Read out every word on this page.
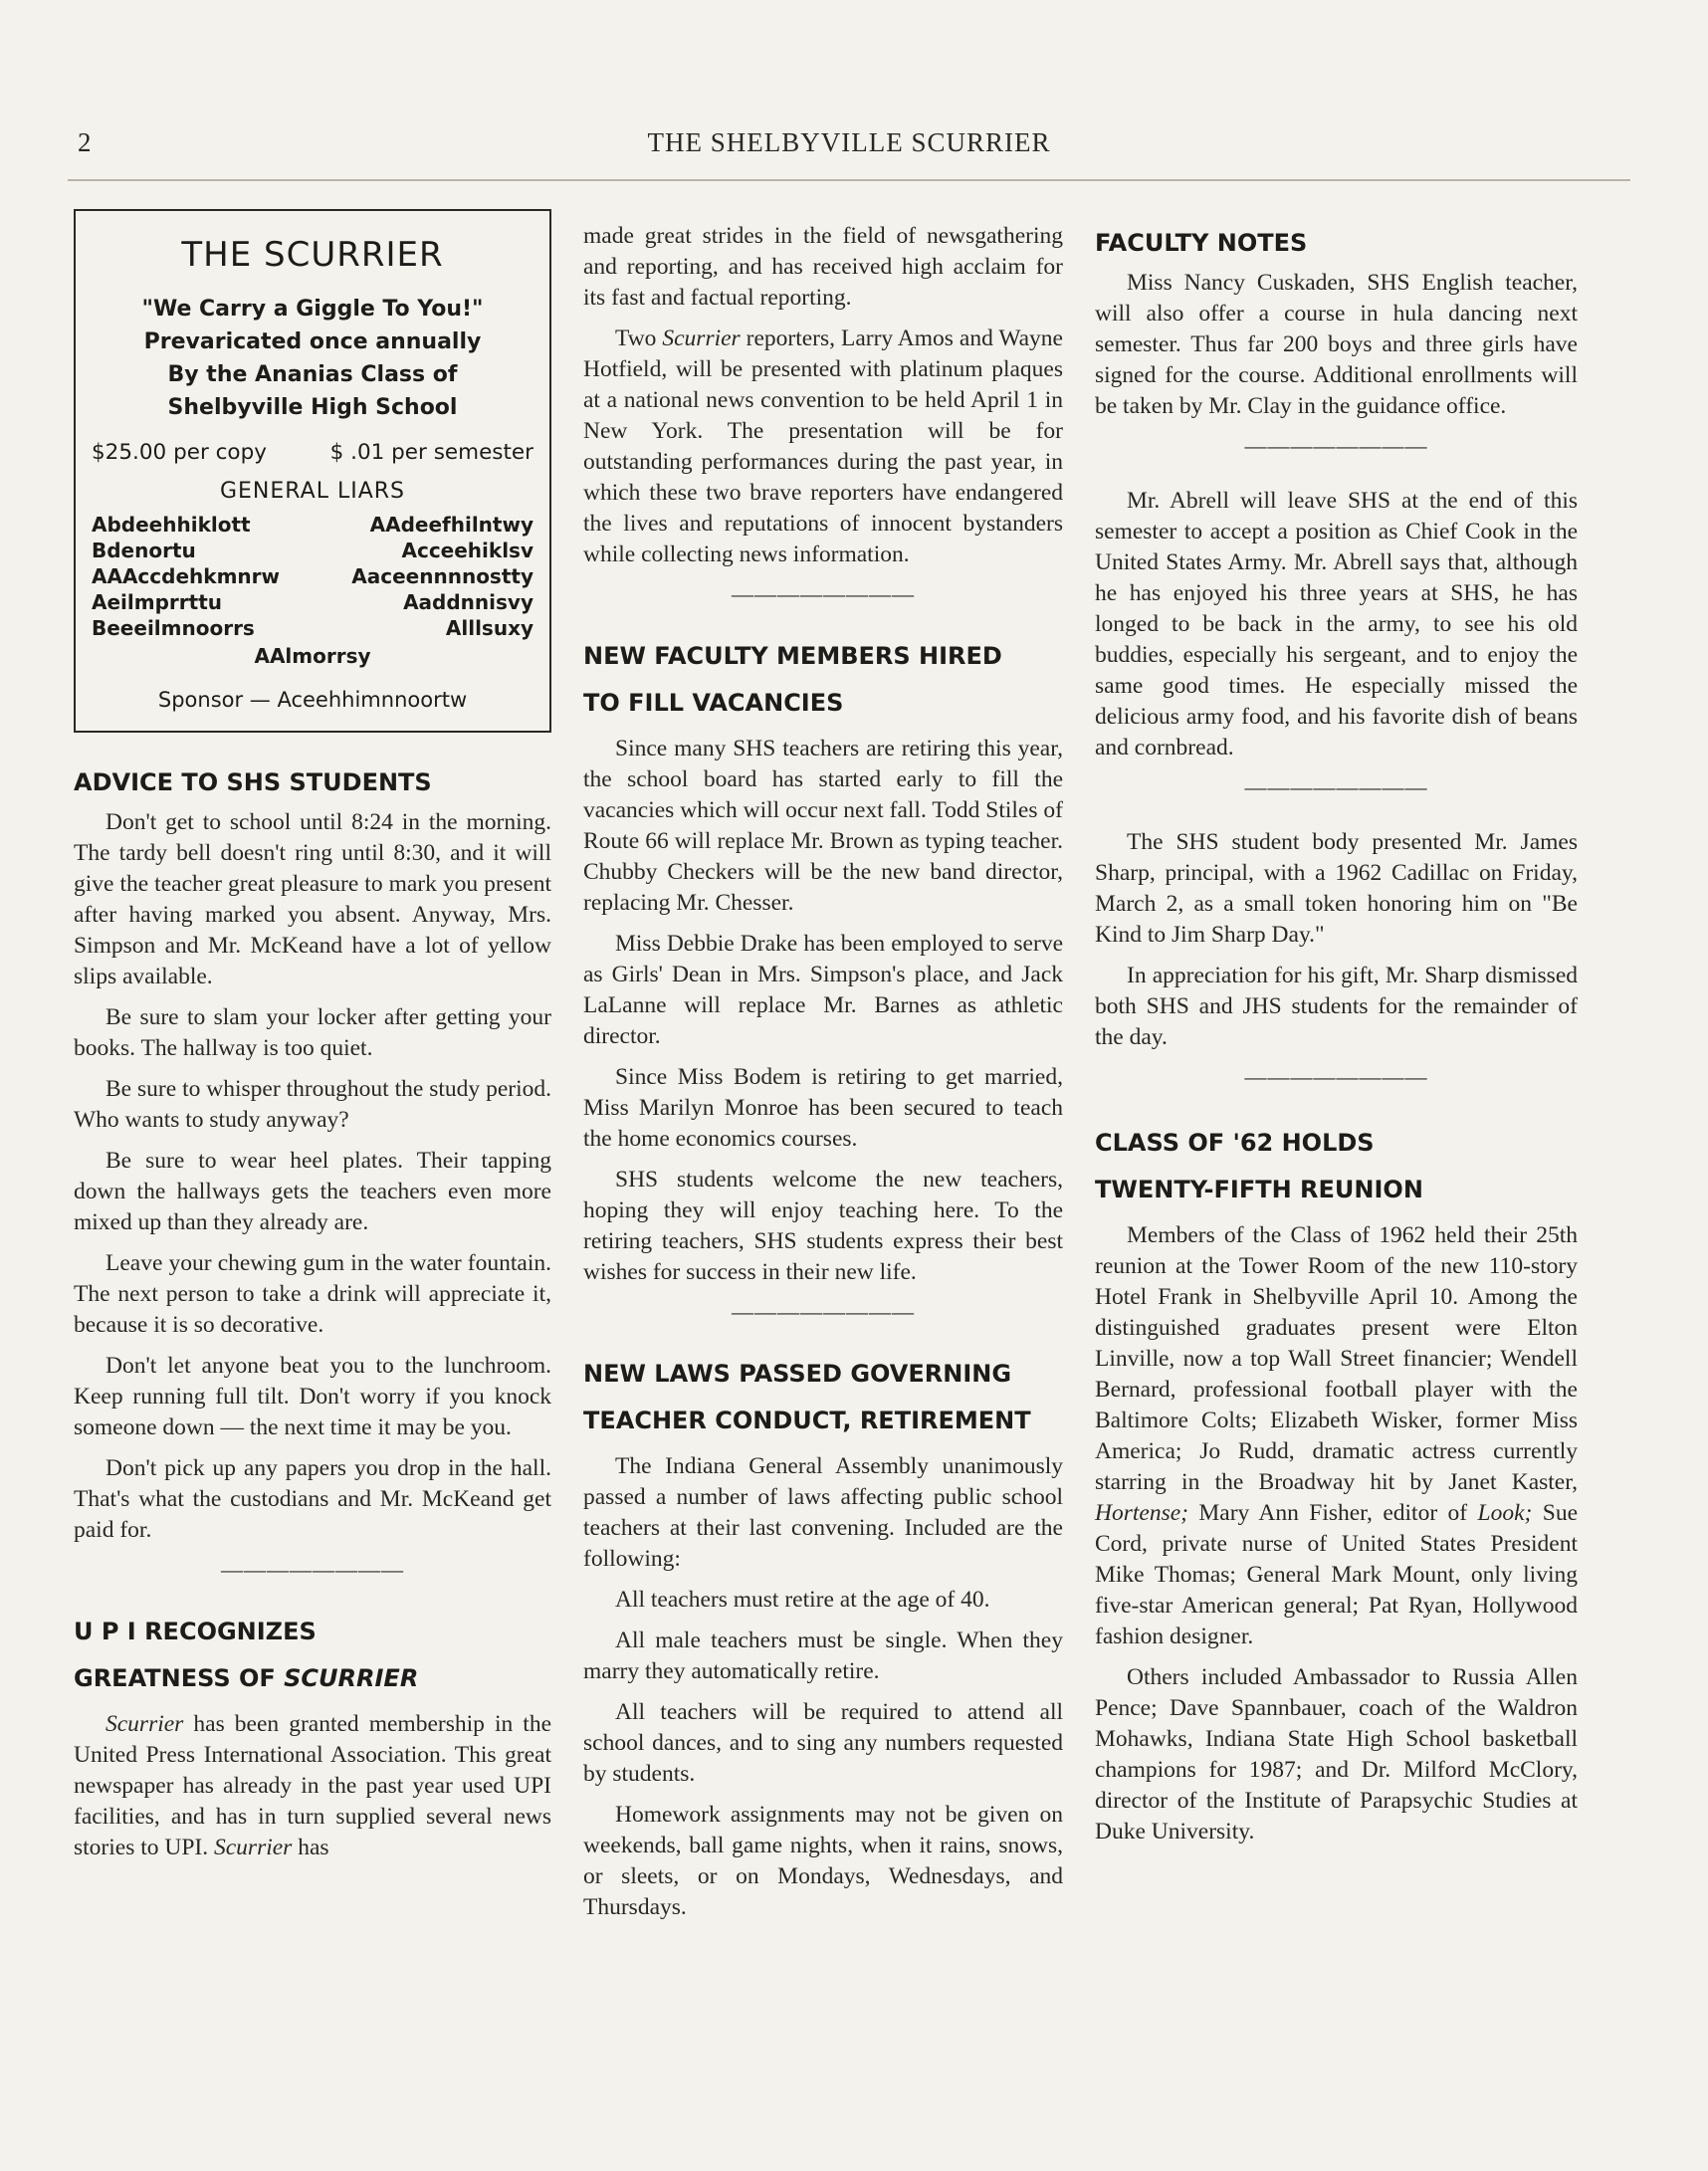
2	THE SHELBYVILLE SCURRIER
THE SCURRIER
"We Carry a Giggle To You!"
Prevaricated once annually
By the Ananias Class of
Shelbyville High School
$25.00 per copy	$ .01 per semester
GENERAL LIARS
Abdeehhiklott	AAdeefhilntwy
Bdenortu	Acceehiklsv
AAAccdehkmnrw	Aaceennnnostty
Aeilmprrttu	Aaddnnisvy
Beeeilmnoorrs	Alllsuxy
AAlmorrsy
Sponsor — Aceehhimnnoortw
ADVICE TO SHS STUDENTS

Don't get to school until 8:24 in the morning. The tardy bell doesn't ring until 8:30, and it will give the teacher great pleasure to mark you present after having marked you absent. Anyway, Mrs. Simpson and Mr. McKeand have a lot of yellow slips available.

Be sure to slam your locker after getting your books. The hallway is too quiet.

Be sure to whisper throughout the study period. Who wants to study anyway?

Be sure to wear heel plates. Their tapping down the hallways gets the teachers even more mixed up than they already are.

Leave your chewing gum in the water fountain. The next person to take a drink will appreciate it, because it is so decorative.

Don't let anyone beat you to the lunchroom. Keep running full tilt. Don't worry if you knock someone down — the next time it may be you.

Don't pick up any papers you drop in the hall. That's what the custodians and Mr. McKeand get paid for.

————————
U P I RECOGNIZES
GREATNESS OF SCURRIER

Scurrier has been granted membership in the United Press International Association. This great newspaper has already in the past year used UPI facilities, and has in turn supplied several news stories to UPI. Scurrier has

made great strides in the field of newsgathering and reporting, and has received high acclaim for its fast and factual reporting.

Two Scurrier reporters, Larry Amos and Wayne Hotfield, will be presented with platinum plaques at a national news convention to be held April 1 in New York. The presentation will be for outstanding performances during the past year, in which these two brave reporters have endangered the lives and reputations of innocent bystanders while collecting news information.

————————
NEW FACULTY MEMBERS HIRED
TO FILL VACANCIES

Since many SHS teachers are retiring this year, the school board has started early to fill the vacancies which will occur next fall. Todd Stiles of Route 66 will replace Mr. Brown as typing teacher. Chubby Checkers will be the new band director, replacing Mr. Chesser.

Miss Debbie Drake has been employed to serve as Girls' Dean in Mrs. Simpson's place, and Jack LaLanne will replace Mr. Barnes as athletic director.

Since Miss Bodem is retiring to get married, Miss Marilyn Monroe has been secured to teach the home economics courses.

SHS students welcome the new teachers, hoping they will enjoy teaching here. To the retiring teachers, SHS students express their best wishes for success in their new life.

————————
NEW LAWS PASSED GOVERNING
TEACHER CONDUCT, RETIREMENT

The Indiana General Assembly unanimously passed a number of laws affecting public school teachers at their last convening. Included are the following:

All teachers must retire at the age of 40.

All male teachers must be single. When they marry they automatically retire.

All teachers will be required to attend all school dances, and to sing any numbers requested by students.

Homework assignments may not be given on weekends, ball game nights, when it rains, snows, or sleets, or on Mondays, Wednesdays, and Thursdays.

FACULTY NOTES

Miss Nancy Cuskaden, SHS English teacher, will also offer a course in hula dancing next semester. Thus far 200 boys and three girls have signed for the course. Additional enrollments will be taken by Mr. Clay in the guidance office.

————————

Mr. Abrell will leave SHS at the end of this semester to accept a position as Chief Cook in the United States Army. Mr. Abrell says that, although he has enjoyed his three years at SHS, he has longed to be back in the army, to see his old buddies, especially his sergeant, and to enjoy the same good times. He especially missed the delicious army food, and his favorite dish of beans and cornbread.

————————

The SHS student body presented Mr. James Sharp, principal, with a 1962 Cadillac on Friday, March 2, as a small token honoring him on "Be Kind to Jim Sharp Day."

In appreciation for his gift, Mr. Sharp dismissed both SHS and JHS students for the remainder of the day.

————————
CLASS OF '62 HOLDS
TWENTY-FIFTH REUNION

Members of the Class of 1962 held their 25th reunion at the Tower Room of the new 110-story Hotel Frank in Shelbyville April 10. Among the distinguished graduates present were Elton Linville, now a top Wall Street financier; Wendell Bernard, professional football player with the Baltimore Colts; Elizabeth Wisker, former Miss America; Jo Rudd, dramatic actress currently starring in the Broadway hit by Janet Kaster, Hortense; Mary Ann Fisher, editor of Look; Sue Cord, private nurse of United States President Mike Thomas; General Mark Mount, only living five-star American general; Pat Ryan, Hollywood fashion designer.

Others included Ambassador to Russia Allen Pence; Dave Spannbauer, coach of the Waldron Mohawks, Indiana State High School basketball champions for 1987; and Dr. Milford McClory, director of the Institute of Parapsychic Studies at Duke University.
